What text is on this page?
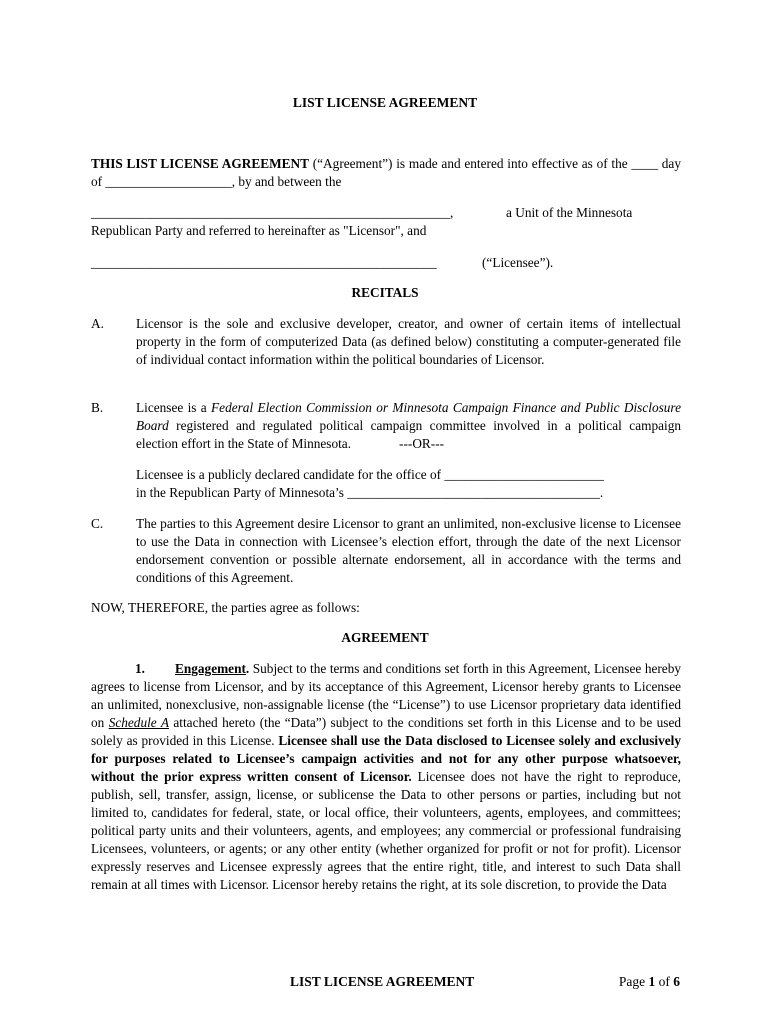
LIST LICENSE AGREEMENT
THIS LIST LICENSE AGREEMENT (“Agreement”) is made and entered into effective as of the ____ day of ___________________, by and between the
______________________________________________________,	a Unit of the Minnesota
Republican Party and referred to hereinafter as "Licensor", and
____________________________________________________	(“Licensee”).
RECITALS
A. Licensor is the sole and exclusive developer, creator, and owner of certain items of intellectual property in the form of computerized Data (as defined below) constituting a computer-generated file of individual contact information within the political boundaries of Licensor.
B. Licensee is a Federal Election Commission or Minnesota Campaign Finance and Public Disclosure Board registered and regulated political campaign committee involved in a political campaign election effort in the State of Minnesota.	---OR---
Licensee is a publicly declared candidate for the office of ________________________
in the Republican Party of Minnesota’s ______________________________________.
C. The parties to this Agreement desire Licensor to grant an unlimited, non-exclusive license to Licensee to use the Data in connection with Licensee’s election effort, through the date of the next Licensor endorsement convention or possible alternate endorsement, all in accordance with the terms and conditions of this Agreement.
NOW, THEREFORE, the parties agree as follows:
AGREEMENT
1. Engagement. Subject to the terms and conditions set forth in this Agreement, Licensee hereby agrees to license from Licensor, and by its acceptance of this Agreement, Licensor hereby grants to Licensee an unlimited, nonexclusive, non-assignable license (the “License”) to use Licensor proprietary data identified on Schedule A attached hereto (the “Data”) subject to the conditions set forth in this License and to be used solely as provided in this License. Licensee shall use the Data disclosed to Licensee solely and exclusively for purposes related to Licensee’s campaign activities and not for any other purpose whatsoever, without the prior express written consent of Licensor. Licensee does not have the right to reproduce, publish, sell, transfer, assign, license, or sublicense the Data to other persons or parties, including but not limited to, candidates for federal, state, or local office, their volunteers, agents, employees, and committees; political party units and their volunteers, agents, and employees; any commercial or professional fundraising Licensees, volunteers, or agents; or any other entity (whether organized for profit or not for profit). Licensor expressly reserves and Licensee expressly agrees that the entire right, title, and interest to such Data shall remain at all times with Licensor. Licensor hereby retains the right, at its sole discretion, to provide the Data
LIST LICENSE AGREEMENT	Page 1 of 6
